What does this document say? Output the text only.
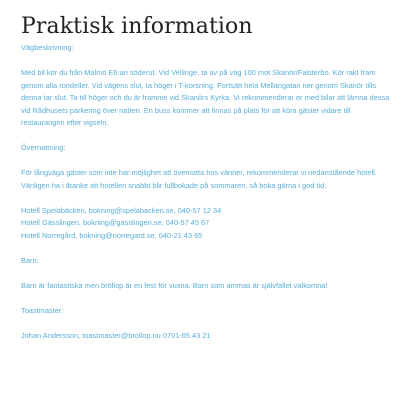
Praktisk information

Vägbeskrivning:

Med bil kör du från Malmö E6:an söderut. Vid Vellinge, ta av på väg 100 mot Skanör/Falsterbo. Kör rakt fram genom alla rondeller. Vid vägens slut, ta höger i T-korsning. Fortsätt hela Mellangatan ner genom Skanör tills denna tar slut. Ta till höger och du är framme vid Skanörs Kyrka. Vi rekommenderar er med bilar att lämna dessa vid Rådhusets parkering över natten. En buss kommer att finnas på plats för att köra gäster vidare till restaurangen efter vigseln.

Övernattning:

För långväga gäster som inte har möjlighet att övernatta hos vänner, rekommenderar vi nedanstående hotell. Vänligen ha i åtanke att hotellen snabbt blir fullbokade på sommaren, så boka gärna i god tid.

Hotell Spelabäcken, bokning@spelabacken.se, 040-57 12 34

Hotell Gässlingen, bokning@gasslingen.se, 040-57 45 67

Hotell Norregård, bokning@norregard.se, 040-21 43 65

Barn:

Barn är fantastiska men bröllop är en fest för vuxna. Barn som ammas är självfallet välkomna!

Toastmaster:

Johan Andersson, toastmaster@brollop.nu 0701-65 43 21
